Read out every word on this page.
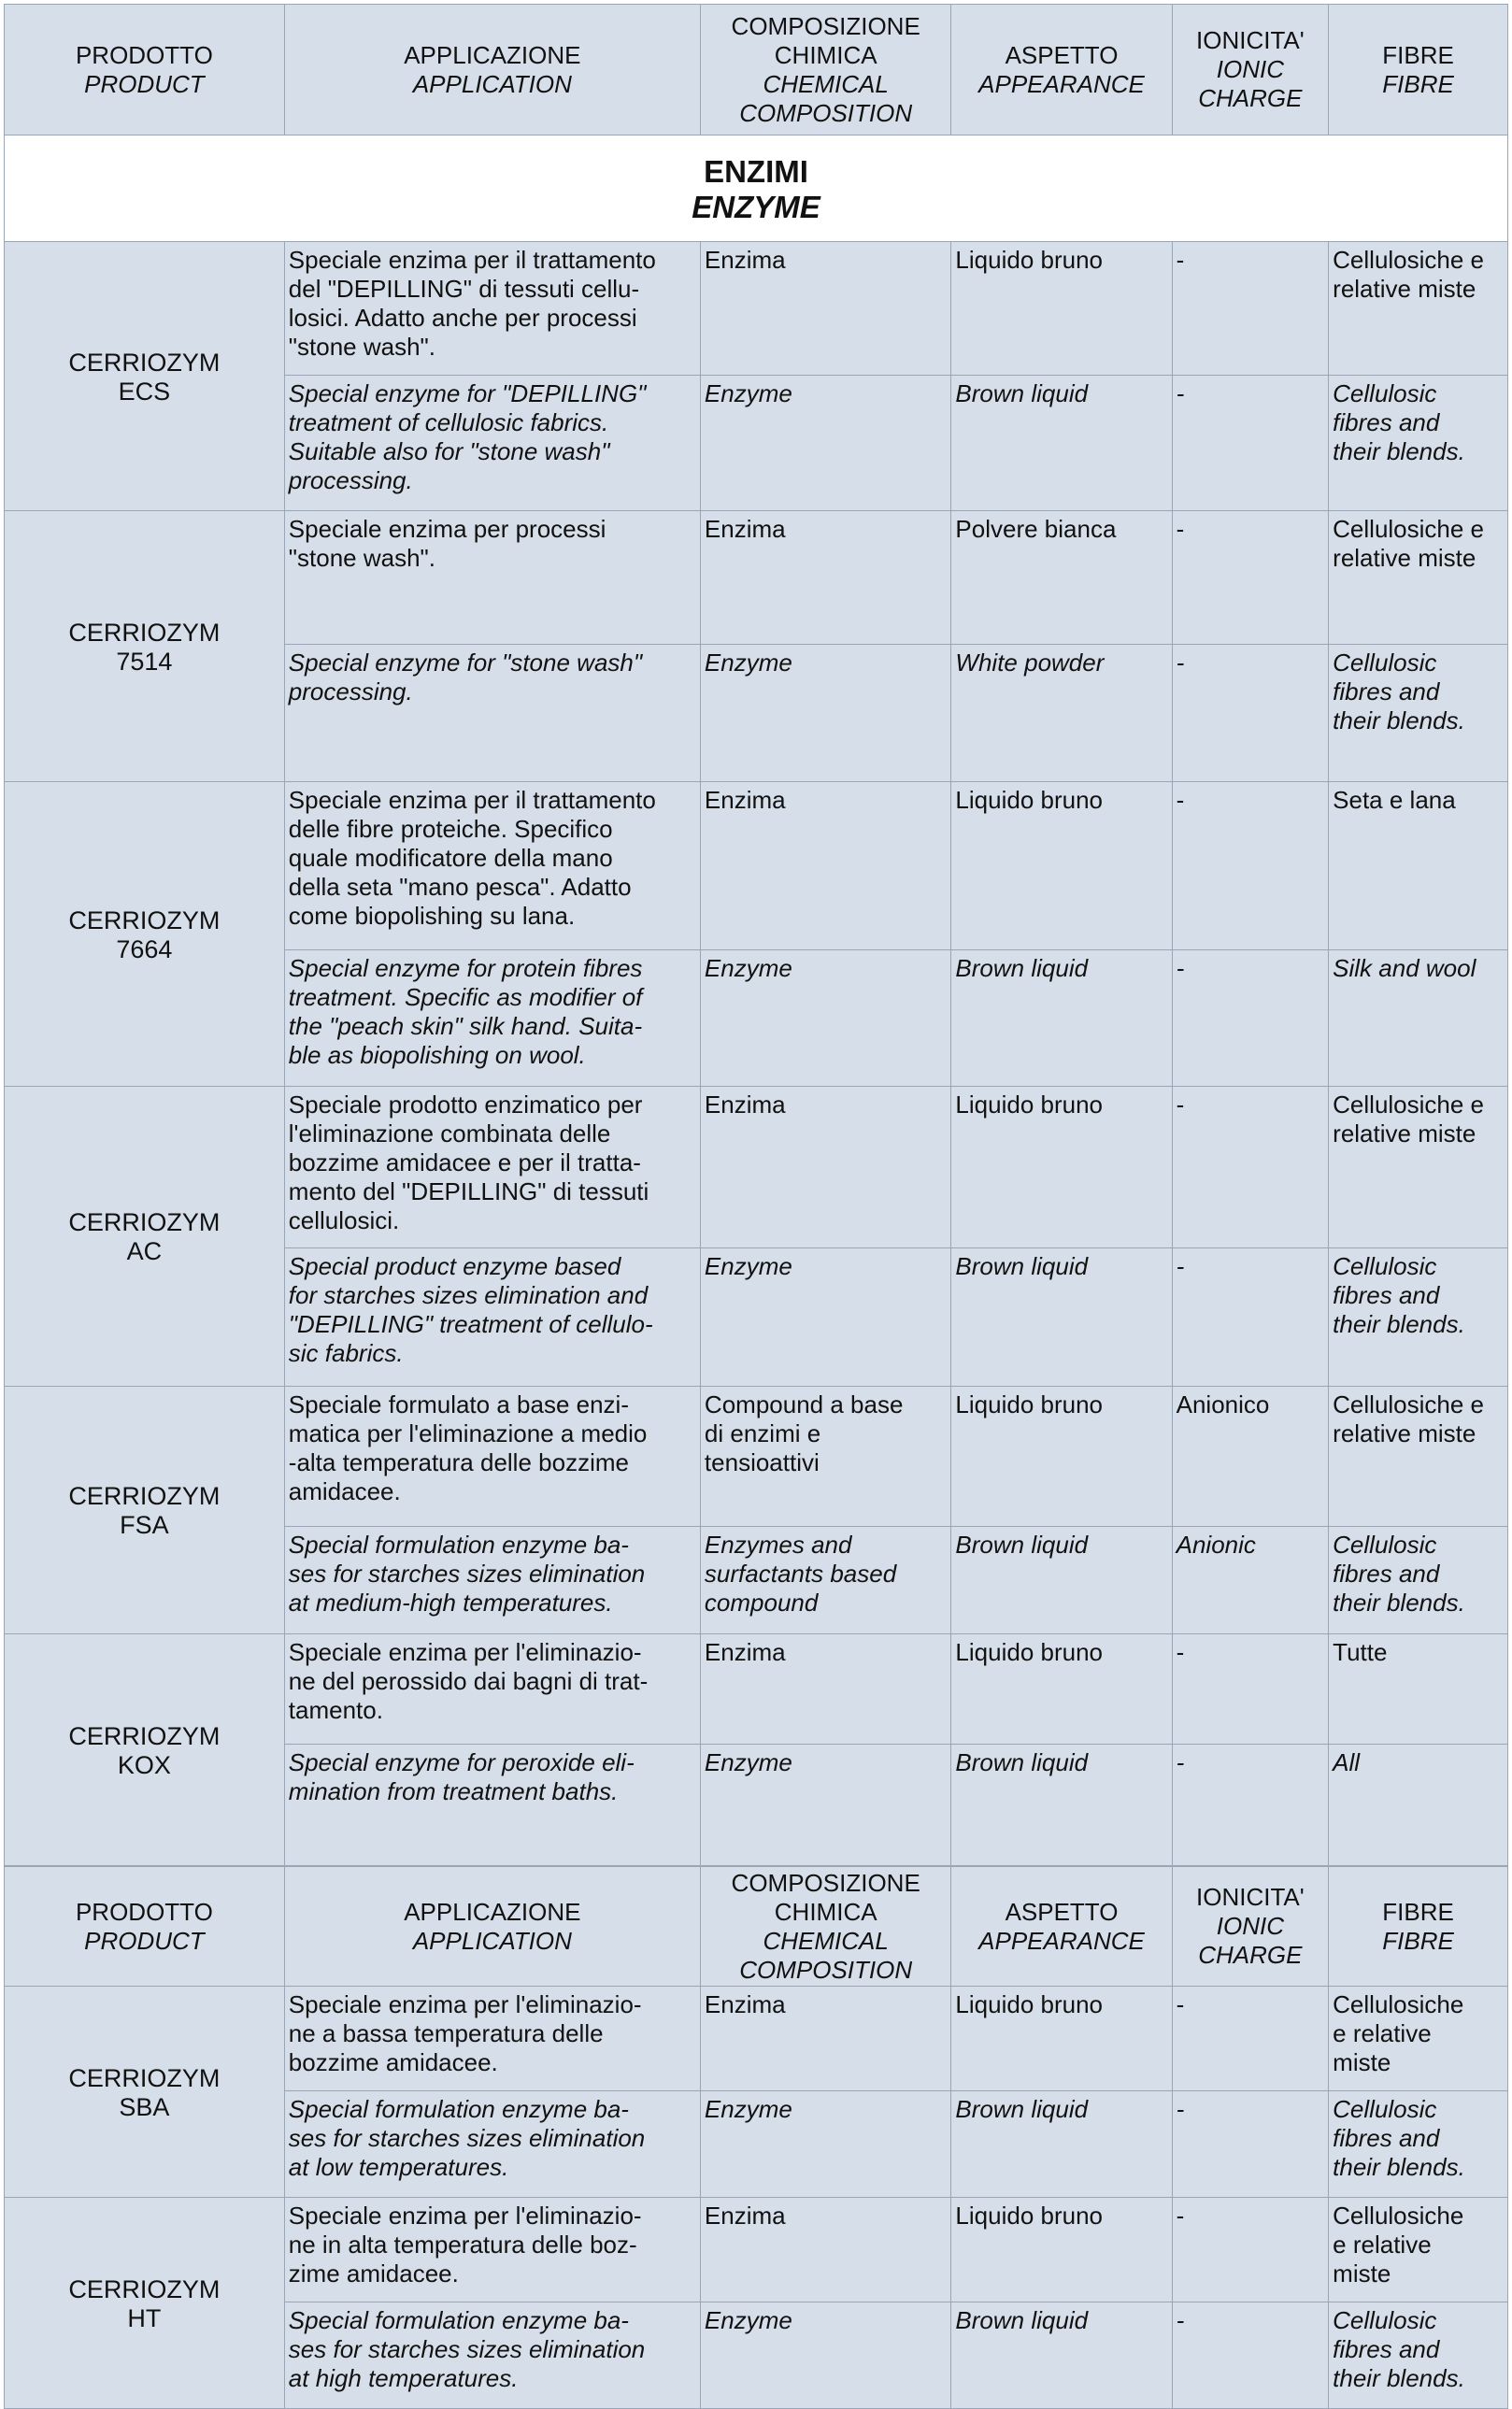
PRODOTTO
PRODUCT	APPLICAZIONE
APPLICATION	COMPOSIZIONE
CHIMICA
CHEMICAL
COMPOSITION	ASPETTO
APPEARANCE	IONICITA'
IONIC
CHARGE	FIBRE
FIBRE

ENZIMI
ENZYME					

CERRIOZYM
ECS	Speciale enzima per il trattamento
del "DEPILLING" di tessuti cellu-
losici. Adatto anche per processi
"stone wash".	Enzima	Liquido bruno	-	Cellulosiche e
relative miste

	Special enzyme for "DEPILLING"
treatment of cellulosic fabrics.
Suitable also for "stone wash"
processing.	Enzyme	Brown liquid	-	Cellulosic
fibres and
their blends.

CERRIOZYM
7514	Speciale enzima per processi
"stone wash".	Enzima	Polvere bianca	-	Cellulosiche e
relative miste

	Special enzyme for "stone wash"
processing.	Enzyme	White powder	-	Cellulosic
fibres and
their blends.

CERRIOZYM
7664	Speciale enzima per il trattamento
delle fibre proteiche. Specifico
quale modificatore della mano
della seta "mano pesca". Adatto
come biopolishing su lana.	Enzima	Liquido bruno	-	Seta e lana

	Special enzyme for protein fibres
treatment. Specific as modifier of
the "peach skin" silk hand. Suita-
ble as biopolishing on wool.	Enzyme	Brown liquid	-	Silk and wool

CERRIOZYM
AC	Speciale prodotto enzimatico per
l'eliminazione combinata delle
bozzime amidacee e per il tratta-
mento del "DEPILLING" di tessuti
cellulosici.	Enzima	Liquido bruno	-	Cellulosiche e
relative miste

	Special product enzyme based
for starches sizes elimination and
"DEPILLING" treatment of cellulo-
sic fabrics.	Enzyme	Brown liquid	-	Cellulosic
fibres and
their blends.

CERRIOZYM
FSA	Speciale formulato a base enzi-
matica per l'eliminazione a medio
-alta temperatura delle bozzime
amidacee.	Compound a base
di enzimi e
tensioattivi	Liquido bruno	Anionico	Cellulosiche e
relative miste

	Special formulation enzyme ba-
ses for starches sizes elimination
at medium-high temperatures.	Enzymes and
surfactants based
compound	Brown liquid	Anionic	Cellulosic
fibres and
their blends.

CERRIOZYM
KOX	Speciale enzima per l'eliminazio-
ne del perossido dai bagni di trat-
tamento.	Enzima	Liquido bruno	-	Tutte

	Special enzyme for peroxide eli-
mination from treatment baths.	Enzyme	Brown liquid	-	All
PRODOTTO
PRODUCT	APPLICAZIONE
APPLICATION	COMPOSIZIONE
CHIMICA
CHEMICAL
COMPOSITION	ASPETTO
APPEARANCE	IONICITA'
IONIC
CHARGE	FIBRE
FIBRE

CERRIOZYM
SBA	Speciale enzima per l'eliminazio-
ne a bassa temperatura delle
bozzime amidacee.	Enzima	Liquido bruno	-	Cellulosiche
e relative
miste

	Special formulation enzyme ba-
ses for starches sizes elimination
at low temperatures.	Enzyme	Brown liquid	-	Cellulosic
fibres and
their blends.

CERRIOZYM
HT	Speciale enzima per l'eliminazio-
ne in alta temperatura delle boz-
zime amidacee.	Enzima	Liquido bruno	-	Cellulosiche
e relative
miste

	Special formulation enzyme ba-
ses for starches sizes elimination
at high temperatures.	Enzyme	Brown liquid	-	Cellulosic
fibres and
their blends.
